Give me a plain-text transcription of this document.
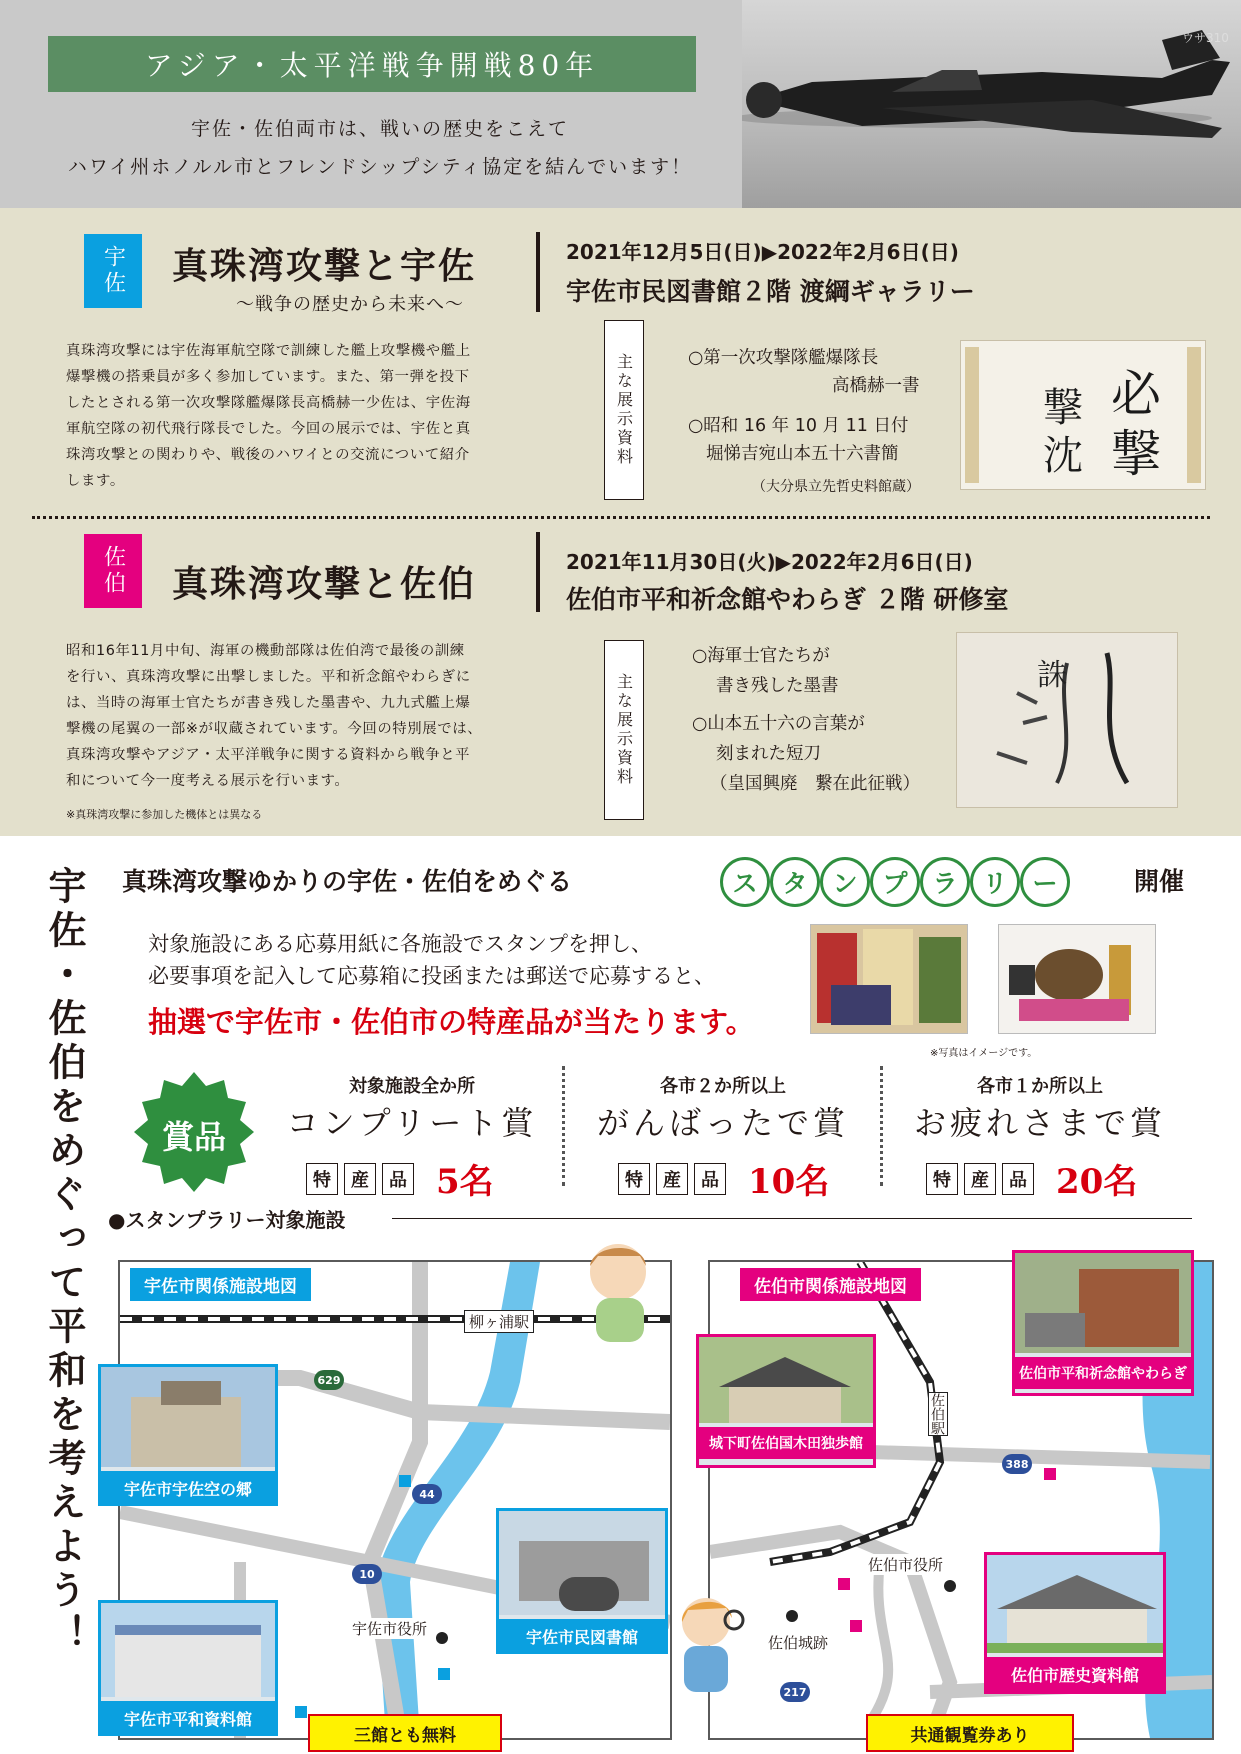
ウサ310
アジア・太平洋戦争開戦80年
宇佐・佐伯両市は、戦いの歴史をこえて
ハワイ州ホノルル市とフレンドシップシティ協定を結んでいます！
宇佐	真珠湾攻撃と宇佐
〜戦争の歴史から未来へ〜
2021年12月5日(日)▶2022年2月6日(日)
宇佐市民図書館２階 渡綱ギャラリー
真珠湾攻撃には宇佐海軍航空隊で訓練した艦上攻撃機や艦上
爆撃機の搭乗員が多く参加しています。また、第一弾を投下
したとされる第一次攻撃隊艦爆隊長高橋赫一少佐は、宇佐海
軍航空隊の初代飛行隊長でした。今回の展示では、宇佐と真
珠湾攻撃との関わりや、戦後のハワイとの交流について紹介
します。
主な展示資料	○第一次攻撃隊艦爆隊長
高橋赫一書
○昭和 16 年 10 月 11 日付
堀悌吉宛山本五十六書簡
（大分県立先哲史料館蔵）
必
撃
撃
沈
佐伯	真珠湾攻撃と佐伯
2021年11月30日(火)▶2022年2月6日(日)
佐伯市平和祈念館やわらぎ ２階 研修室
昭和16年11月中旬、海軍の機動部隊は佐伯湾で最後の訓練
を行い、真珠湾攻撃に出撃しました。平和祈念館やわらぎに
は、当時の海軍士官たちが書き残した墨書や、九九式艦上爆
撃機の尾翼の一部※が収蔵されています。今回の特別展では、
真珠湾攻撃やアジア・太平洋戦争に関する資料から戦争と平
和について今一度考える展示を行います。
※真珠湾攻撃に参加した機体とは異なる
主な展示資料
○海軍士官たちが
書き残した墨書
○山本五十六の言葉が
刻まれた短刀
（皇国興廃　繋在此征戦）
誅
宇佐・佐伯をめぐって平和を考えよう！ 真珠湾攻撃ゆかりの宇佐・佐伯をめぐる	ス タ ン プ ラ リ ー	開催
対象施設にある応募用紙に各施設でスタンプを押し、
必要事項を記入して応募箱に投函または郵送で応募すると、
抽選で宇佐市・佐伯市の特産品が当たります。
※写真はイメージです。
賞品
対象施設全か所
コンプリート賞
特	産	品 5名
各市２か所以上
がんばったで賞
特	産	品 10名
各市１か所以上
お疲れさまで賞
特	産	品 20名
●スタンプラリー対象施設
宇佐市関係施設地図
柳ヶ浦駅
駅館川
宇佐市役所
629
44
10
宇佐市宇佐空の郷
宇佐市平和資料館
宇佐市民図書館
三館とも無料
佐伯市関係施設地図
佐伯駅
中川	中江川
佐伯市役所
佐伯城跡
388
217
城下町佐伯国木田独歩館
佐伯市平和祈念館やわらぎ
佐伯市歴史資料館
共通観覧券あり
